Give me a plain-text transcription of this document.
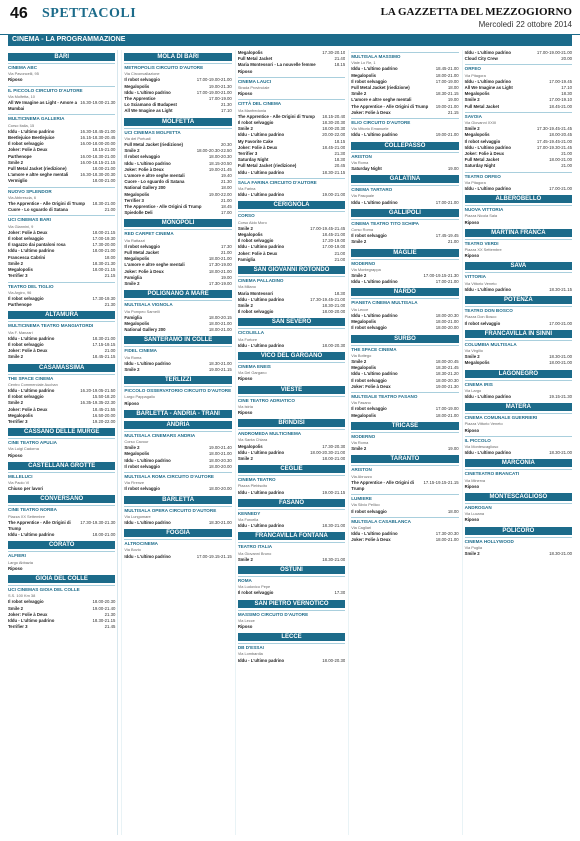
46 SPETTACOLI	LA GAZZETTA DEL MEZZOGIORNO
Mercoledì 22 ottobre 2014
CINEMA - LA PROGRAMMAZIONE
BARI
CINEMA ABC
Via Pavoncelli, 95
Riposo
IL PICCOLO CIRCUITO D'AUTORE
Via Molfetta, 10
All We Imagine as Light - Amore a Mumbai
16.30-19.00-21.30
MULTICINEMA GALLERIA
Corso Italia, 15
Iddu - L'ultimo padrino	16.30-18.45-21.00
Beetlejuice Beetlejuice	16.15-18.30-20.45
Il robot selvaggio	16.00-18.00-20.00
Joker: Folie à Deux	18.15-21.00
Parthenope	16.00-18.30-21.00
Smile 2	16.00-18.15-21.15
Full Metal Jacket (riedizione)	18.00-21.00
L'amore e altre seghe mentali	16.30-18.30-20.30
Vermiglio	18.00-21.00
NUOVO SPLENDOR
Via Abbrescia, 6
The Apprentice - Alle Origini di Trump 18.30-21.00
Cuore - Lo sguardo di Satana	21.00
UCI CINEMAS BARI
Via Giannini, 9
Joker: Folie à Deux	18.00-21.15
Il robot selvaggio	17.00-19.30
Il ragazzo dai pantaloni rosa	17.30-20.00
Iddu - L'ultimo padrino	18.00-21.00
Francesca Cabrini	18.00
Smile 2	18.30-21.30
Megalopolis	18.00-21.15
Terrifier 3	21.15
TEATRO DEL TIGLIO
Via Argiro, 96
Il robot selvaggio	17.30-19.30
Parthenope	21.30
ALTAMURA
MULTICINEMA TEATRO MANGIATORDI
Via F. Manzari
Iddu - L'ultimo padrino	18.30-21.00
Il robot selvaggio	17.15-19.15
Joker: Folie à Deux	21.00
Smile 2	18.45-21.15
CASAMASSIMA
THE SPACE CINEMA
Centro Commerciale Auchan
Iddu - L'ultimo padrino	16.20-19.05-21.50
Il robot selvaggio	15.50-18.20
Smile 2	16.35-19.35-22.30
Joker: Folie à Deux	18.45-21.55
Megalopolis	16.50-20.00
Terrifier 3	19.20-22.00
CASSANO DELLE MURGE
CINE TEATRO APULIA
Via Luigi Cadorna
Riposo
CASTELLANA GROTTE
MILLELUCI
Via Paolo VI
Chiuso per lavori
CONVERSANO
CINE TEATRO NORBA
Piazza XX Settembre
The Apprentice - Alle Origini di Trump
17.30-19.30-21.30
Iddu - L'ultimo padrino	18.00-21.00
CORATO
ALFIERI
Largo Abbazia
Riposo
GIOIA DEL COLLE
UCI CINEMAS GIOIA DEL COLLE
S.S. 100 Km 38
Il robot selvaggio	18.00-20.30
Smile 2	19.00-21.40
Joker: Folie à Deux	21.30
Iddu - L'ultimo padrino	18.30-21.15
Terrifier 3	21.45
MOLA DI BARI
METROPOLIS CIRCUITO D'AUTORE
Via Circonvallazione
Il robot selvaggio	17.00-19.00-21.00
Megalopolis	19.00-21.30
Iddu - L'ultimo padrino	17.00-19.00-21.00
The Apprentice	17.00-19.00
Lo Sciamano di Budapest	21.30
All We Imagine as Light	17.10
MOLFETTA
UCI CINEMAS MOLFETTA
Via dei Portuali
Full Metal Jacket (riedizione)	20.30
Smile 2	18.00-20.30-22.50
Il robot selvaggio	18.00-20.30
Iddu - L'ultimo padrino	18.15-20.50
Joker: Folie à Deux	19.00-21.45
L'amore e altre seghe mentali	19.40
Cuore - Lo sguardo di Satana	21.30
National Gallery 200	18.00
Megalopolis	19.00-22.00
Terrifier 3	21.00
The Apprentice - Alle Origini di Trump	18.45
Spiedolle Deli	17.00
MONOPOLI
RED CARPET CINEMA
Via Rattazzi
Il robot selvaggio	17.30
Full Metal Jacket	21.00
Megalopolis	18.00-21.00
L'amore e altre seghe mentali	17.30-19.00
Joker: Folie à Deux	18.00-21.00
Famiglia	19.00
Smile 2	17.30-19.00
POLIGNANO A MARE
MULTISALA VIGNOLA
Via Pompeo Sarnelli
Famiglia	18.00-20.15
Megalopolis	18.00-21.00
National Gallery 200	18.00-21.00
SANTERAMO IN COLLE
FIDEL CINEMA
Via Roma
Iddu - L'ultimo padrino	18.30-21.00
Smile 2	19.00-21.15
TERLIZZI
PICCOLO OSSERVATORIO CIRCUITO D'AUTORE
Largo Pappagallo
Riposo
BARLETTA - ANDRIA - TRANI
ANDRIA
MULTISALA CINEMARS ANDRIA
Corso Cavour
Smile 2	19.00-21.40
Megalopolis	18.00-21.00
Iddu - L'ultimo padrino	18.00-20.30
Il robot selvaggio	18.00-20.00
MULTISALA ROMA CIRCUITO D'AUTORE
Via Firenze
Il robot selvaggio	18.00-20.00
BARLETTA
MULTISALA OPERA CIRCUITO D'AUTORE
Via Lungomare
Iddu - L'ultimo padrino	18.30-21.00
FOGGIA
ALTROCINEMA
Via Bovio
Iddu - L'ultimo padrino	17.00-19.15-21.15
Megalopolis	17.30-20.10
Full Metal Jacket	21.40
Maria Montessori - La nouvelle femme	18.15
Riposo
CINEMA LAUCI
Strada Provinciale
Riposo
CITTÀ DEL CINEMA
Via Manfredonia
The Apprentice - Alle Origini di Trump 18.15-20.40
Il robot selvaggio	18.30-20.30
Smile 2	18.00-20.30
Iddu - L'ultimo padrino	20.00-22.00
My Favorite Cake	18.15
Joker: Folie à Deux	18.45-21.00
Terrifier 3	21.30
Saturday Night	18.30
Full Metal Jacket (riedizione)	20.45
Iddu - L'ultimo padrino	18.30-21.15
SALA FARINA CIRCUITO D'AUTORE
Via Farina
Iddu - L'ultimo padrino	19.00-21.00
CERIGNOLA
CORSO
Corso Aldo Moro
Smile 2	17.00-19.45-21.45
Megalopolis	18.45-21.00
Il robot selvaggio	17.20-19.00
Iddu - L'ultimo padrino	17.00-19.00
Joker: Folie à Deux	21.00
Famiglia	21.00
SAN GIOVANNI ROTONDO
CINEMA PALLADINO
Via Milano
Maria Montessori	18.30
Iddu - L'ultimo padrino	17.30-19.45-21.00
Smile 2	18.30-21.00
Il robot selvaggio	18.00-20.00
SAN SEVERO
CICOLELLA
Via Fortore
Iddu - L'ultimo padrino	18.00-20.30
VICO DEL GARGANO
CINEMA ENEIS
Via Del Gargano
Riposo
VIESTE
CINE TEATRO ADRIATICO
Via Istria
Riposo
BRINDISI
ANDROMEDA MULTICINEMA
Via Santa Chiara
Megalopolis	17.30-20.30
Iddu - L'ultimo padrino	18.00-20.30-21.00
Smile 2	18.00-21.00
CEGLIE
CINEMA TEATRO
Piazza Plebiscito
Iddu - L'ultimo padrino	19.00-21.15
FASANO
KENNEDY
Via Forcella
Iddu - L'ultimo padrino	18.30-21.00
FRANCAVILLA FONTANA
TEATRO ITALIA
Via Giovanni Bruno
Smile 2	18.30-21.00
OSTUNI
ROMA
Via Ludovico Pepe
Il robot selvaggio	17.30
SAN PIETRO VERNOTICO
MASSIMO CIRCUITO D'AUTORE
Via Lecce
Riposo
LECCE
DB D'ESSAI
Via Lombardia
Iddu - L'ultimo padrino	18.00-20.30
MULTISALA MASSIMO
Viale Lo Re, 1
Iddu - L'ultimo padrino	18.45-21.00
Megalopolis	18.00-21.00
Il robot selvaggio	17.00-19.00
Full Metal Jacket (riedizione)	18.00
Smile 2	18.30-21.15
L'amore e altre seghe mentali	19.00
The Apprentice - Alle Origini di Trump 19.00-21.00
Joker: Folie à Deux	21.15
ELIO CIRCUITO D'AUTORE
Via Vittorio Emanuele
Iddu - L'ultimo padrino	19.00-21.00
COLLEPASSO
ARISTON
Via Roma
Saturday Night	19.00
GALATINA
CINEMA TARTARO
Via Pasquale
Iddu - L'ultimo padrino	17.00-21.00
GALLIPOLI
CINEMA TEATRO TITO SCHIPA
Corso Roma
Il robot selvaggio	17.45-19.45
Smile 2	21.00
MAGLIE
MODERNO
Via Montegrappa
Smile 2	17.00-19.15-21.30
Iddu - L'ultimo padrino	17.00-21.00
NARDÒ
PIANETA CINEMA MULTISALA
Via Lecce
Iddu - L'ultimo padrino	18.00-20.30
Megalopolis	18.00-21.00
Il robot selvaggio	18.00-20.00
SURBO
THE SPACE CINEMA
Via Bottego
Smile 2	18.00-20.45
Megalopolis	18.30-21.45
Iddu - L'ultimo padrino	18.30-21.20
Il robot selvaggio	18.00-20.30
Joker: Folie à Deux	19.00-21.30
MULTISALE TEATRO FASANO
Via Fasano
Il robot selvaggio	17.00-19.00
Megalopolis	18.00-21.00
TRICASE
MODERNO
Via Roma
Smile 2	19.00
TARANTO
ARISTON
Via Abruzzo
The Apprentice - Alle Origini di Trump
17.15-19.15-21.15
LUMIERE
Via Silvio Pellico
Il robot selvaggio	18.00
MULTISALA CASABLANCA
Via Cagliari
Iddu - L'ultimo padrino	17.30-20.30
Joker: Folie à Deux	18.00-21.00
Iddu - L'ultimo padrino	17.00-19.00-21.00
Cloud City Crew	20.00
ORFEO
Via Pitagora
Iddu - L'ultimo padrino	17.00-19.45
All We Imagine as Light	17.10
Megalopolis	18.30
Smile 2	17.00-19.10
Full Metal Jacket	18.45-21.00
SAVOIA
Via Giovanni XXIII
Smile 2	17.30-19.45-21.45
Megalopolis	18.00-20.45
Il robot selvaggio	17.45-19.45-21.00
Iddu - L'ultimo padrino	17.00-19.30-21.45
Joker: Folie à Deux	21.00
Full Metal Jacket	18.00-21.00
Saturday Night	21.00
TEATRO ORFEO
Via Pitagora
Iddu - L'ultimo padrino	17.00-21.00
ALBEROBELLO
NUOVA VITTORIA
Piazza Nicola Sala
Riposo
MARTINA FRANCA
TEATRO VERDI
Piazza XX Settembre
Riposo
SAVA
VITTORIA
Via Vittorio Veneto
Iddu - L'ultimo padrino	18.30-21.15
POTENZA
TEATRO DON BOSCO
Piazza Don Bosco
Il robot selvaggio	17.00-21.00
FRANCAVILLA IN SINNI
COLUMBIA MULTISALA
Via Virgilio
Smile 2	18.30-21.00
Megalopolis	18.00-21.00
LAGONEGRO
CINEMA IRIS
Via Largo
Iddu - L'ultimo padrino	19.15-21.30
MATERA
CINEMA COMUNALE GUERRIERI
Piazza Vittorio Veneto
Riposo
IL PICCOLO
Via Montescaglioso
Iddu - L'ultimo padrino	18.30-21.00
MARCONIA
CINETEATRO BRANCATI
Via Minerva
Riposo
MONTESCAGLIOSO
ANDROGAN
Via Lucana
Riposo
POLICORO
CINEMA HOLLYWOOD
Via Puglia
Smile 2	18.30-21.00
